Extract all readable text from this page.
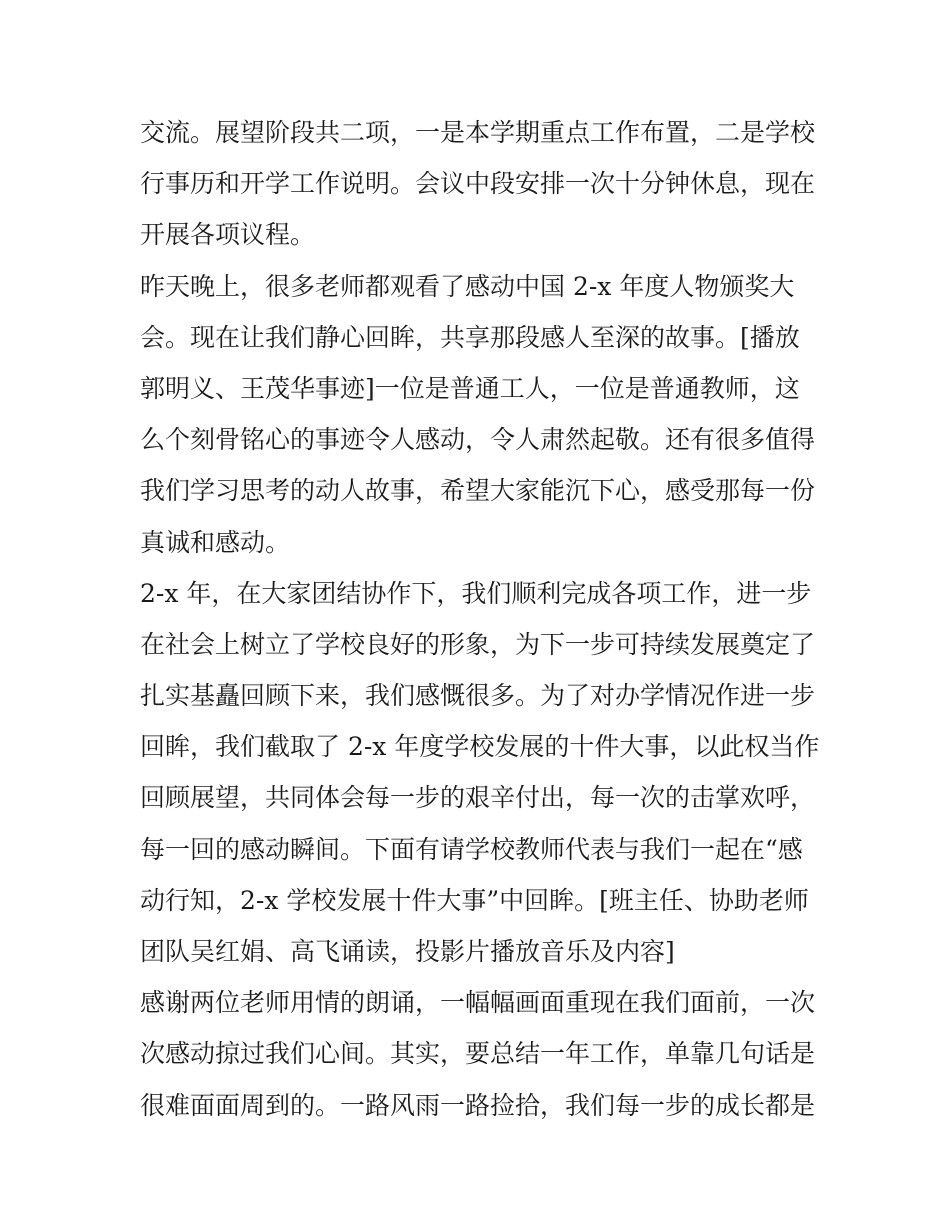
交流。展望阶段共二项，一是本学期重点工作布置，二是学校
行事历和开学工作说明。会议中段安排一次十分钟休息，现在
开展各项议程。
昨天晚上，很多老师都观看了感动中国 2-x 年度人物颁奖大
会。现在让我们静心回眸，共享那段感人至深的故事。[播放
郭明义、王茂华事迹]一位是普通工人，一位是普通教师，这
么个刻骨铭心的事迹令人感动，令人肃然起敬。还有很多值得
我们学习思考的动人故事，希望大家能沉下心，感受那每一份
真诚和感动。
2-x 年，在大家团结协作下，我们顺利完成各项工作，进一步
在社会上树立了学校良好的形象，为下一步可持续发展奠定了
扎实基矗回顾下来，我们感慨很多。为了对办学情况作进一步
回眸，我们截取了 2-x 年度学校发展的十件大事，以此权当作
回顾展望，共同体会每一步的艰辛付出，每一次的击掌欢呼，
每一回的感动瞬间。下面有请学校教师代表与我们一起在“感
动行知，2-x 学校发展十件大事”中回眸。[班主任、协助老师
团队吴红娟、高飞诵读，投影片播放音乐及内容]
感谢两位老师用情的朗诵，一幅幅画面重现在我们面前，一次
次感动掠过我们心间。其实，要总结一年工作，单靠几句话是
很难面面周到的。一路风雨一路捡拾，我们每一步的成长都是
